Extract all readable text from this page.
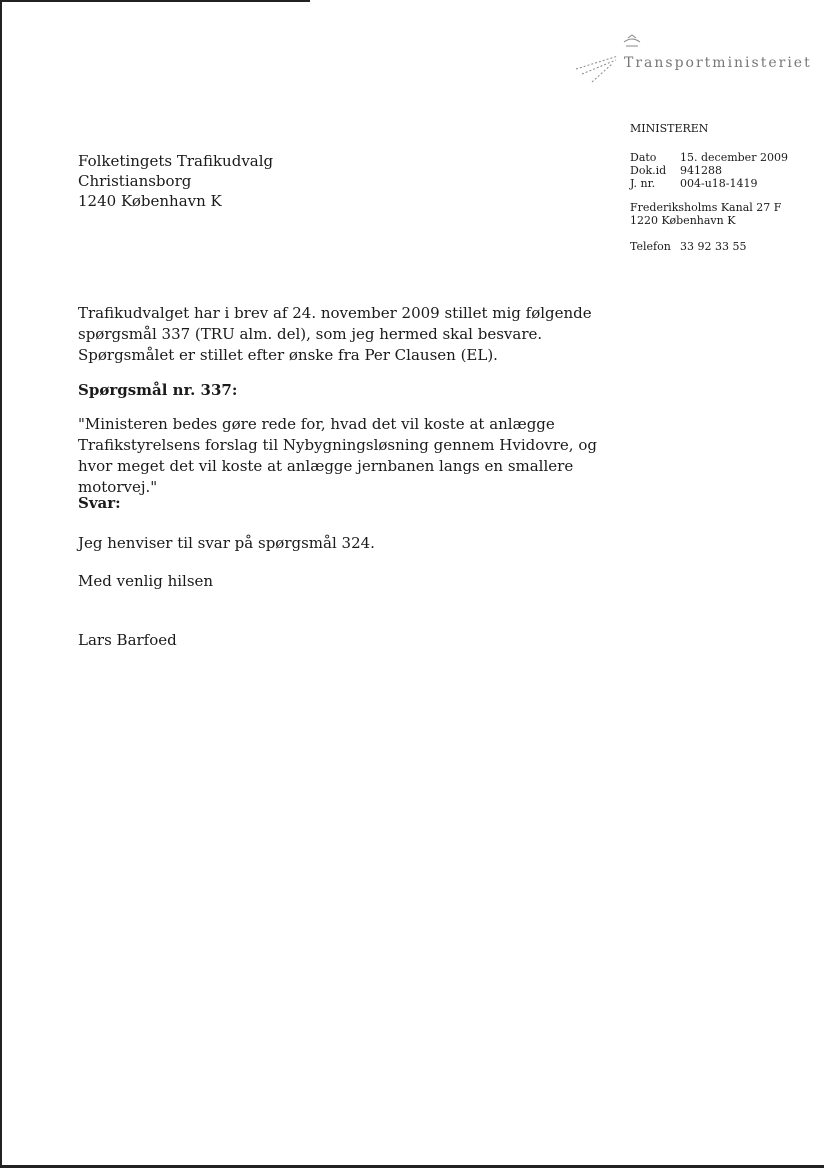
Transportministeriet
MINISTEREN
Dato	15. december 2009
Dok.id	941288
J. nr.	004-u18-1419
Frederiksholms Kanal 27 F
1220 København K
Telefon 33 92 33 55
Folketingets Trafikudvalg
Christiansborg
1240 København K

Trafikudvalget har i brev af 24. november 2009 stillet mig følgende spørgsmål 337 (TRU alm. del), som jeg hermed skal besvare. Spørgsmålet er stillet efter ønske fra Per Clausen (EL).

Spørgsmål nr. 337:

"Ministeren bedes gøre rede for, hvad det vil koste at anlægge Trafikstyrelsens forslag til Nybygningsløsning gennem Hvidovre, og hvor meget det vil koste at anlægge jernbanen langs en smallere motorvej."

Svar:

Jeg henviser til svar på spørgsmål 324.

Med venlig hilsen

Lars Barfoed
